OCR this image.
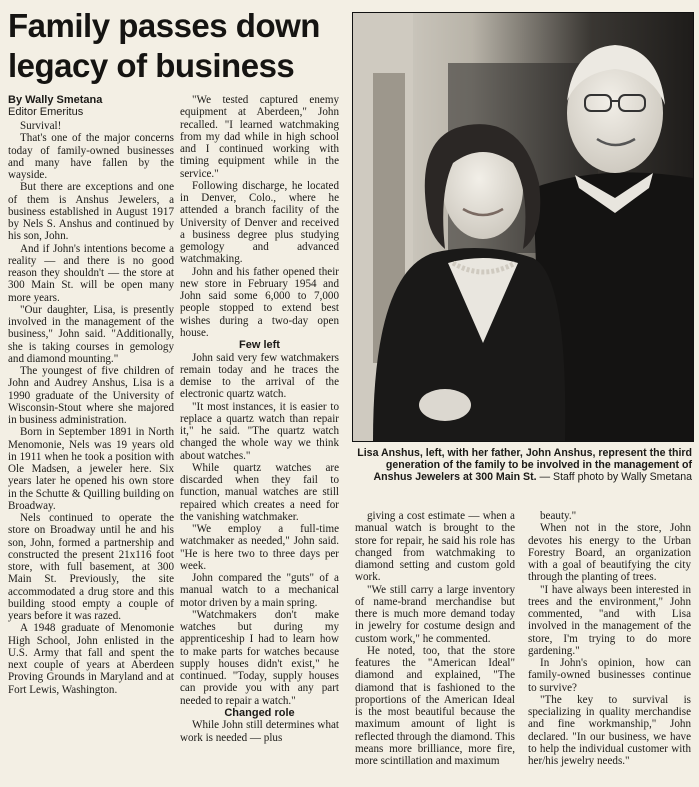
Family passes down legacy of business
By Wally Smetana
Editor Emeritus

Survival!

That's one of the major concerns today of family-owned businesses and many have fallen by the wayside.

But there are exceptions and one of them is Anshus Jewelers, a business established in August 1917 by Nels S. Anshus and continued by his son, John.

And if John's intentions become a reality — and there is no good reason they shouldn't — the store at 300 Main St. will be open many more years.

"Our daughter, Lisa, is presently involved in the management of the business," John said. "Additionally, she is taking courses in gemology and diamond mounting."

The youngest of five children of John and Audrey Anshus, Lisa is a 1990 graduate of the University of Wisconsin-Stout where she majored in business administration.

Born in September 1891 in North Menomonie, Nels was 19 years old in 1911 when he took a position with Ole Madsen, a jeweler here. Six years later he opened his own store in the Schutte & Quilling building on Broadway.

Nels continued to operate the store on Broadway until he and his son, John, formed a partnership and constructed the present 21x116 foot store, with full basement, at 300 Main St. Previously, the site accommodated a drug store and this building stood empty a couple of years before it was razed.

A 1948 graduate of Menomonie High School, John enlisted in the U.S. Army that fall and spent the next couple of years at Aberdeen Proving Grounds in Maryland and at Fort Lewis, Washington.

"We tested captured enemy equipment at Aberdeen," John recalled. "I learned watchmaking from my dad while in high school and I continued working with timing equipment while in the service."

Following discharge, he located in Denver, Colo., where he attended a branch facility of the University of Denver and received a business degree plus studying gemology and advanced watchmaking.

John and his father opened their new store in February 1954 and John said some 6,000 to 7,000 people stopped to extend best wishes during a two-day open house.

Few left

John said very few watchmakers remain today and he traces the demise to the arrival of the electronic quartz watch.

"It most instances, it is easier to replace a quartz watch than repair it," he said. "The quartz watch changed the whole way we think about watches."

While quartz watches are discarded when they fail to function, manual watches are still repaired which creates a need for the vanishing watchmaker.

"We employ a full-time watchmaker as needed," John said. "He is here two to three days per week.

John compared the "guts" of a manual watch to a mechanical motor driven by a main spring.

"Watchmakers don't make watches but during my apprenticeship I had to learn how to make parts for watches because supply houses didn't exist," he continued. "Today, supply houses can provide you with any part needed to repair a watch."

Changed role

While John still determines what work is needed — plus

Lisa Anshus, left, with her father, John Anshus, represent the third generation of the family to be involved in the management of Anshus Jewelers at 300 Main St. — Staff photo by Wally Smetana

giving a cost estimate — when a manual watch is brought to the store for repair, he said his role has changed from watchmaking to diamond setting and custom gold work.

"We still carry a large inventory of name-brand merchandise but there is much more demand today in jewelry for costume design and custom work," he commented.

He noted, too, that the store features the "American Ideal" diamond and explained, "The diamond that is fashioned to the proportions of the American Ideal is the most beautiful because the maximum amount of light is reflected through the diamond. This means more brilliance, more fire, more scintillation and maximum

beauty."

When not in the store, John devotes his energy to the Urban Forestry Board, an organization with a goal of beautifying the city through the planting of trees.

"I have always been interested in trees and the environment," John commented, "and with Lisa involved in the management of the store, I'm trying to do more gardening."

In John's opinion, how can family-owned businesses continue to survive?

"The key to survival is specializing in quality merchandise and fine workmanship," John declared. "In our business, we have to help the individual customer with her/his jewelry needs."
